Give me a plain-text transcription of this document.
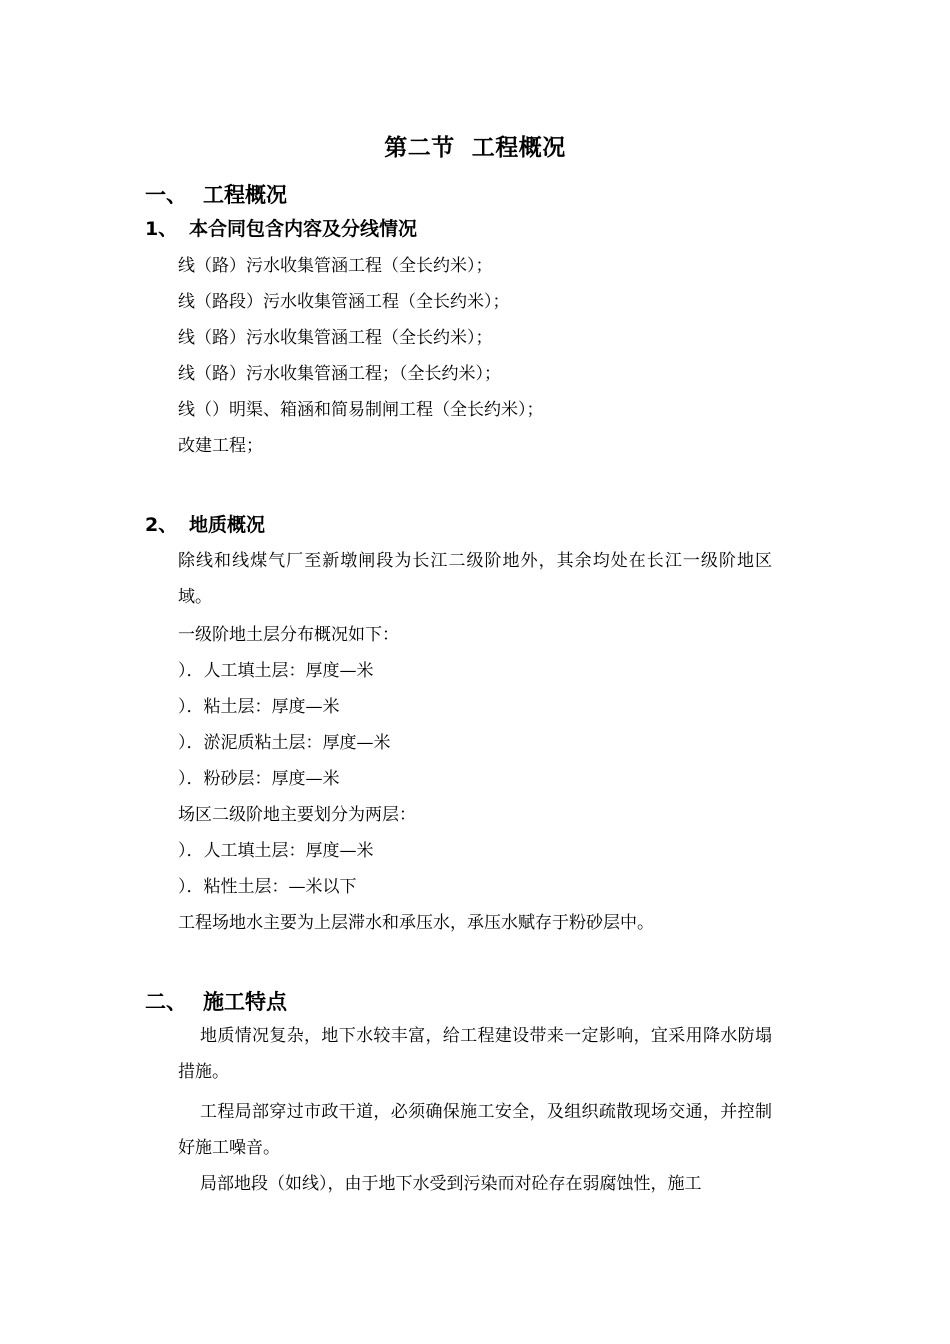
第二节  工程概况
一、 工程概况
1、 本合同包含内容及分线情况
线（路）污水收集管涵工程（全长约米）；
线（路段）污水收集管涵工程（全长约米）；
线（路）污水收集管涵工程（全长约米）；
线（路）污水收集管涵工程；（全长约米）；
线（）明渠、箱涵和简易制闸工程（全长约米）；
改建工程；
2、 地质概况
除线和线煤气厂至新墩闸段为长江二级阶地外，其余均处在长江一级阶地区域。
一级阶地土层分布概况如下：
）．人工填土层：厚度—米
）．粘土层：厚度—米
）．淤泥质粘土层：厚度—米
）．粉砂层：厚度—米
场区二级阶地主要划分为两层：
）．人工填土层：厚度—米
）．粘性土层：—米以下
工程场地水主要为上层滞水和承压水，承压水赋存于粉砂层中。
二、 施工特点
地质情况复杂，地下水较丰富，给工程建设带来一定影响，宜采用降水防塌措施。
工程局部穿过市政干道，必须确保施工安全，及组织疏散现场交通，并控制好施工噪音。
局部地段（如线），由于地下水受到污染而对砼存在弱腐蚀性，施工
